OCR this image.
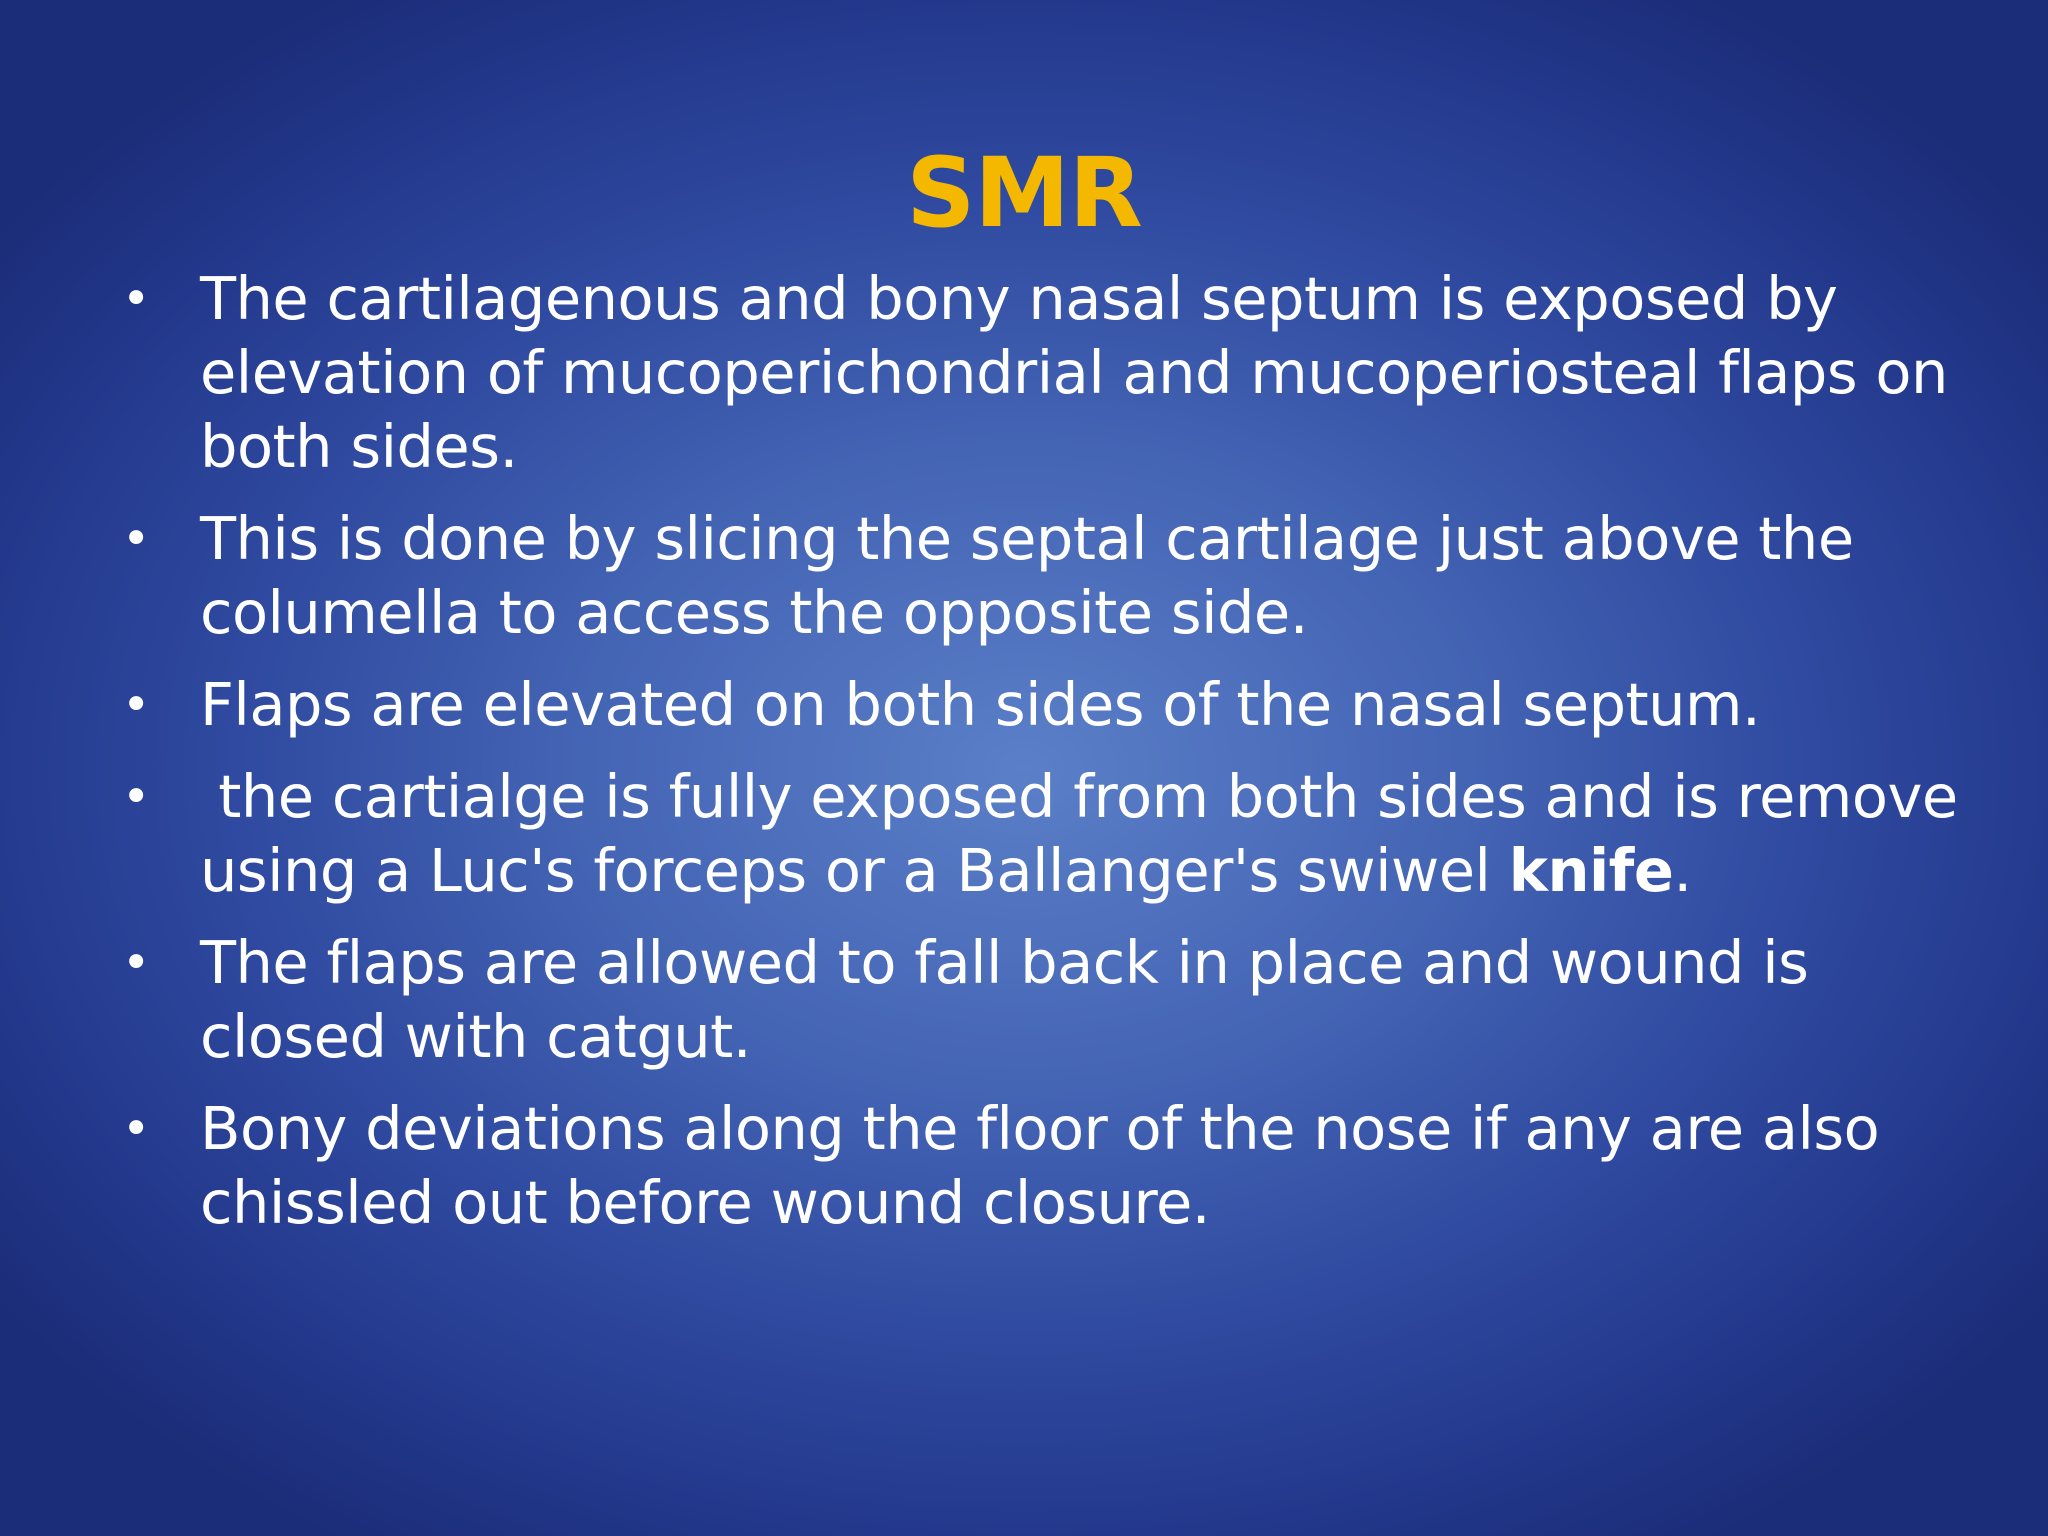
SMR
• The cartilagenous and bony nasal septum is exposed by elevation of mucoperichondrial and mucoperiosteal flaps on both sides.
• This is done by slicing the septal cartilage just above the columella to access the opposite side.
• Flaps are elevated on both sides of the nasal septum.
• the cartialge is fully exposed from both sides and is remove using a Luc's forceps or a Ballanger's swiwel knife.
• The flaps are allowed to fall back in place and wound is closed with catgut.
• Bony deviations along the floor of the nose if any are also chissled out before wound closure.
